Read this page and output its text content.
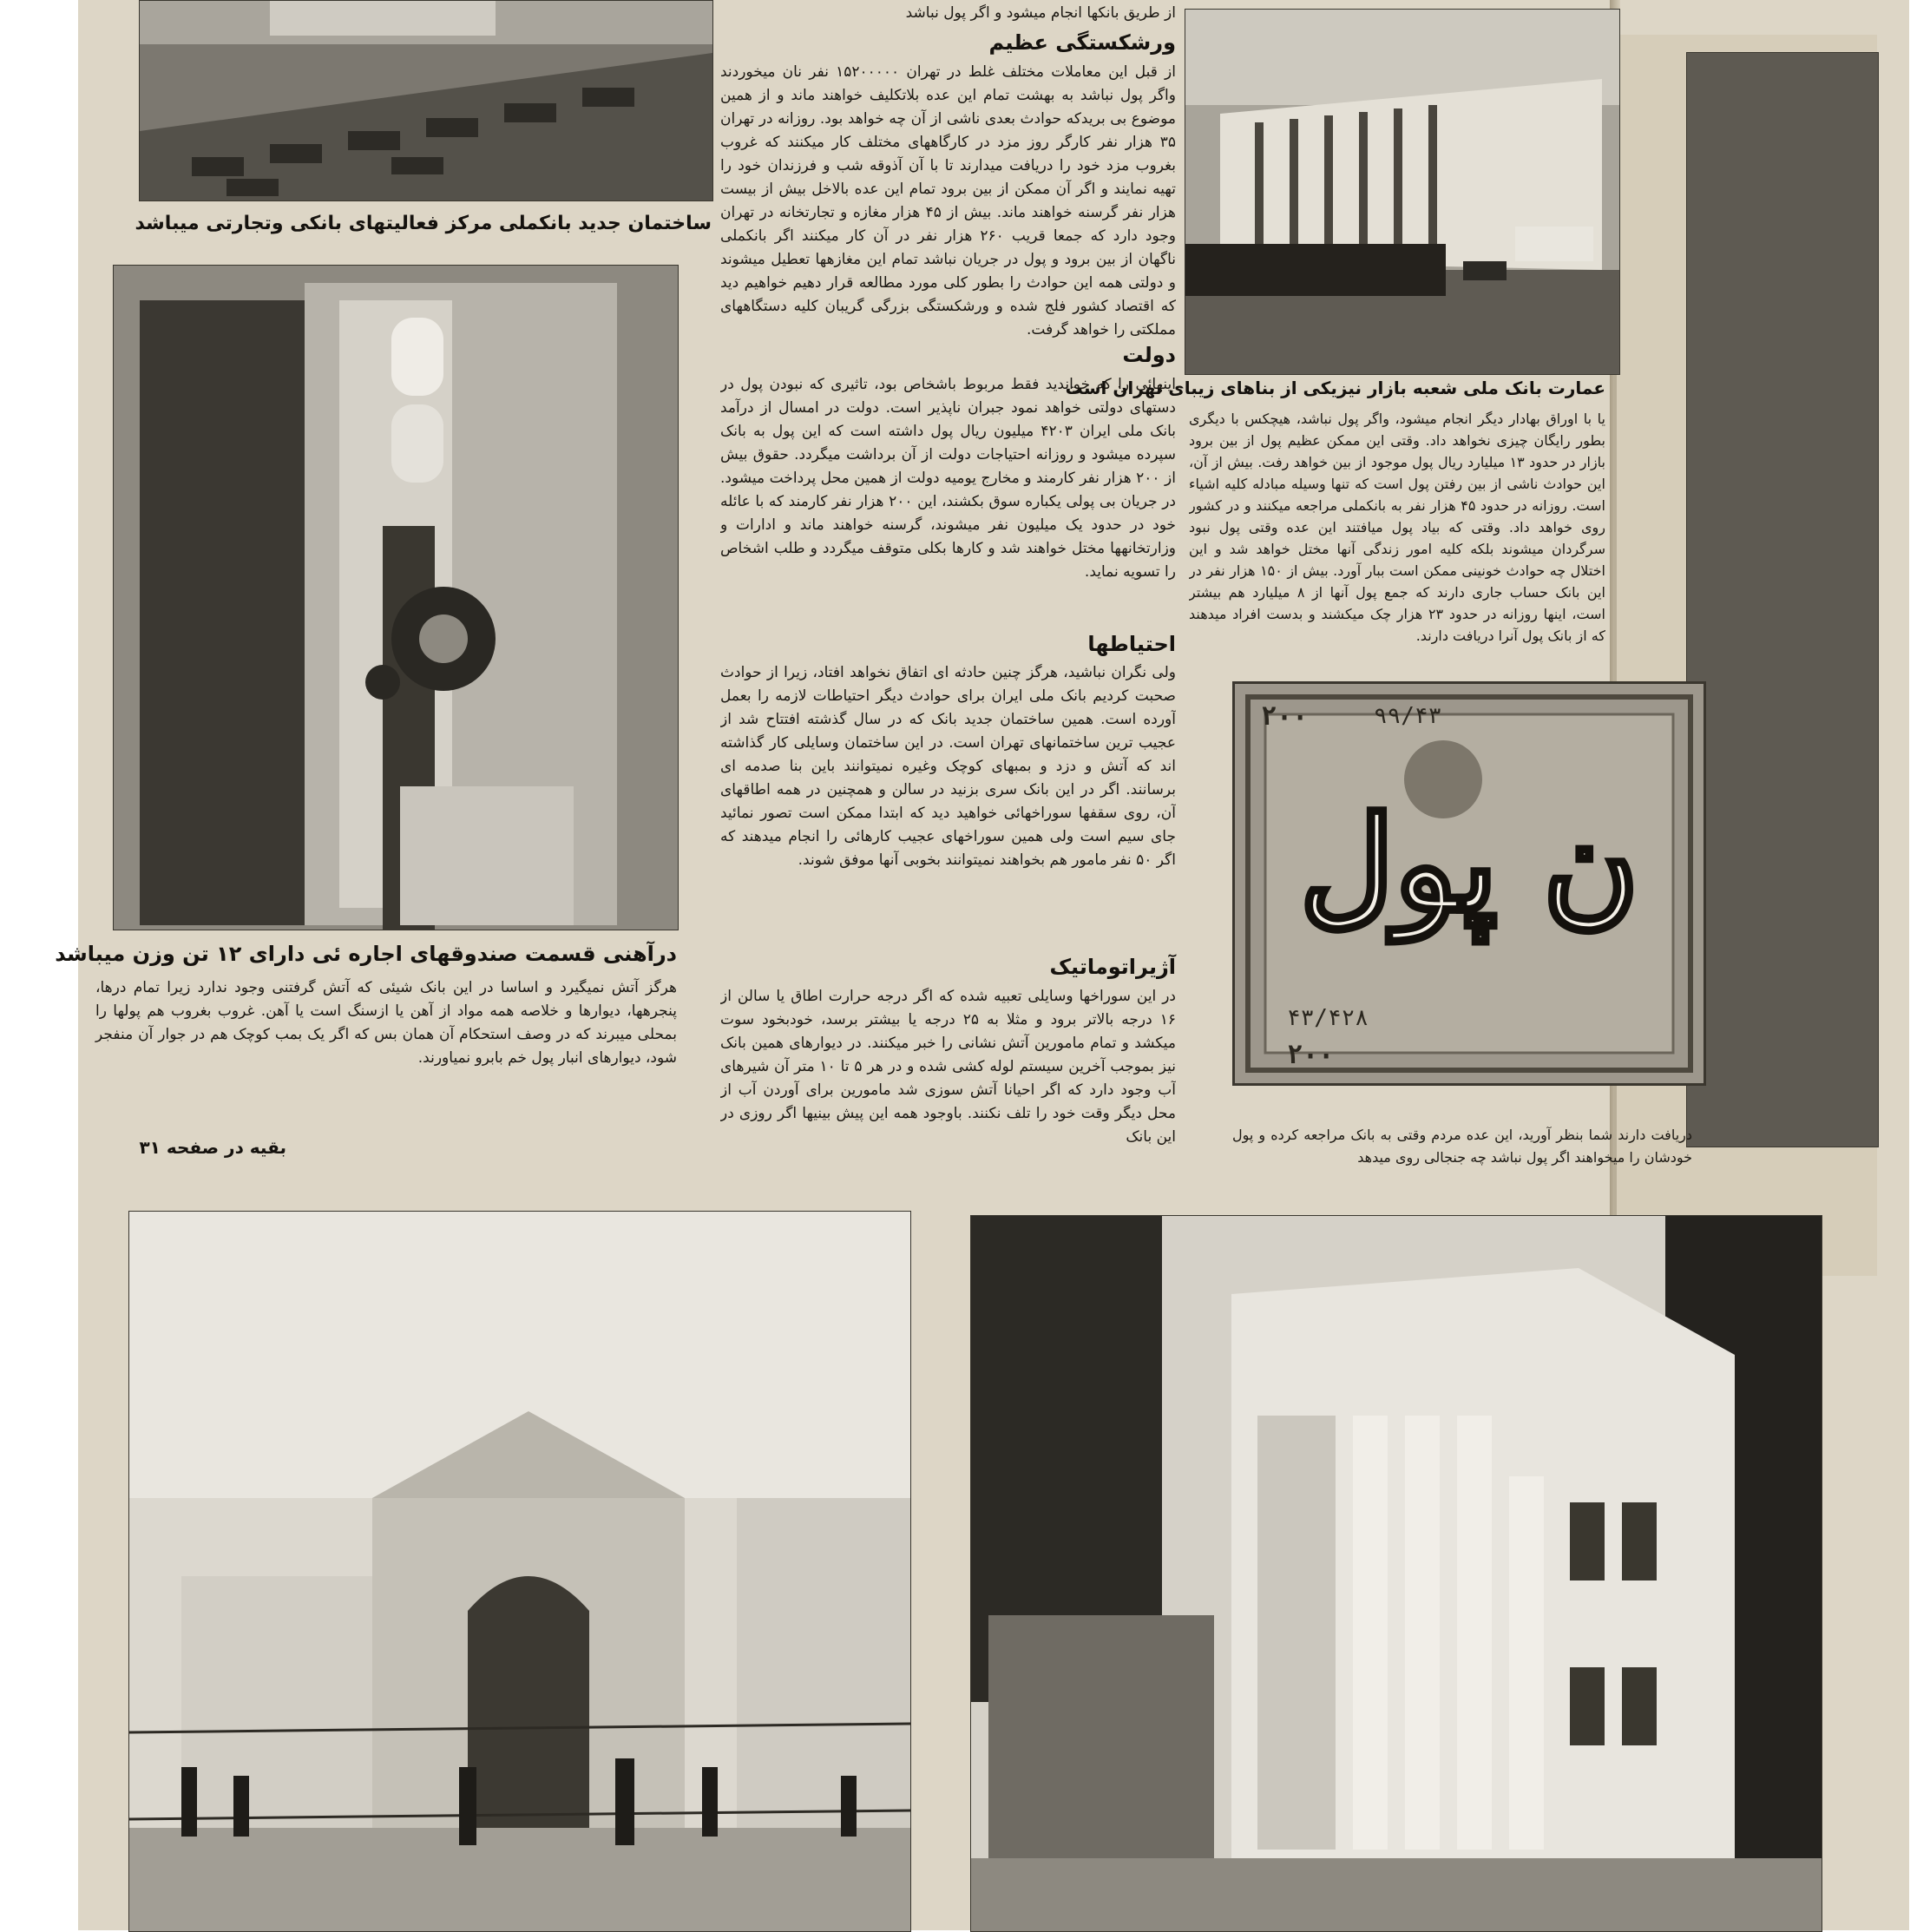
ساختمان جدید بانکملی مرکز فعالیتهای بانکی وتجارتی میباشد
درآهنی قسمت صندوقهای اجاره ئی دارای ۱۲ تن وزن میباشد
هرگز آتش نمیگیرد و اساسا در این بانک شیئی که آتش گرفتنی وجود ندارد زیرا تمام درها، پنجرهها، دیوارها و خلاصه همه مواد از آهن یا ازسنگ است یا آهن. غروب بغروب هم پولها را بمحلی میبرند که در وصف استحکام آن همان بس که اگر یک بمب کوچک هم در جوار آن منفجر شود، دیوارهای انبار پول خم بابرو نمیاورند.
بقیه در صفحه ۳۱
از طریق بانکها انجام میشود و اگر پول نباشد
ورشکستگی عظیم
از قبل این معاملات مختلف غلط در تهران ۱۵۲۰۰۰۰۰ نفر نان میخوردند واگر پول نباشد به بهشت تمام این عده بلاتکلیف خواهند ماند و از همین موضوع بی بریدکه حوادث بعدی ناشی از آن چه خواهد بود. روزانه در تهران ۳۵ هزار نفر کارگر روز مزد در کارگاههای مختلف کار میکنند که غروب بغروب مزد خود را دریافت میدارند تا با آن آذوقه شب و فرزندان خود را تهیه نمایند و اگر آن ممکن از بین برود تمام این عده بالاخل بیش از بیست هزار نفر گرسنه خواهند ماند. بیش از ۴۵ هزار مغازه و تجارتخانه در تهران وجود دارد که جمعا قریب ۲۶۰ هزار نفر در آن کار میکنند اگر بانکملی ناگهان از بین برود و پول در جریان نباشد تمام این مغازهها تعطیل میشوند و دولتی همه این حوادث را بطور کلی مورد مطالعه قرار دهیم خواهیم دید که اقتصاد کشور فلج شده و ورشکستگی بزرگی گریبان کلیه دستگاههای مملکتی را خواهد گرفت.
دولت
اینهائی را که خواندید فقط مربوط باشخاص بود، تاثیری که نبودن پول در دستهای دولتی خواهد نمود جبران ناپذیر است. دولت در امسال از درآمد بانک ملی ایران ۴۲۰۳ میلیون ریال پول داشته است که این پول به بانک سپرده میشود و روزانه احتیاجات دولت از آن برداشت میگردد. حقوق بیش از ۲۰۰ هزار نفر کارمند و مخارج یومیه دولت از همین محل پرداخت میشود. در جریان بی پولی یکباره سوق بکشند، این ۲۰۰ هزار نفر کارمند که با عائله خود در حدود یک میلیون نفر میشوند، گرسنه خواهند ماند و ادارات و وزارتخانهها مختل خواهند شد و کارها بکلی متوقف میگردد و طلب اشخاص را تسویه نماید.
احتیاطها
ولی نگران نباشید، هرگز چنین حادثه ای اتفاق نخواهد افتاد، زیرا از حوادث صحبت کردیم بانک ملی ایران برای حوادث دیگر احتیاطات لازمه را بعمل آورده است. همین ساختمان جدید بانک که در سال گذشته افتتاح شد از عجیب ترین ساختمانهای تهران است. در این ساختمان وسایلی کار گذاشته اند که آتش و دزد و بمبهای کوچک وغیره نمیتوانند باین بنا صدمه ای برسانند. اگر در این بانک سری بزنید در سالن و همچنین در همه اطاقهای آن، روی سقفها سوراخهائی خواهید دید که ابتدا ممکن است تصور نمائید جای سیم است ولی همین سوراخهای عجیب کارهائی را انجام میدهند که اگر ۵۰ نفر مامور هم بخواهند نمیتوانند بخوبی آنها موفق شوند.
آژیراتوماتیک
در این سوراخها وسایلی تعبیه شده که اگر درجه حرارت اطاق یا سالن از ۱۶ درجه بالاتر برود و مثلا به ۲۵ درجه یا بیشتر برسد، خودبخود سوت میکشد و تمام مامورین آتش نشانی را خبر میکنند. در دیوارهای همین بانک نیز بموجب آخرین سیستم لوله کشی شده و در هر ۵ تا ۱۰ متر آن شیرهای آب وجود دارد که اگر احیانا آتش سوزی شد مامورین برای آوردن آب از محل دیگر وقت خود را تلف نکنند. باوجود همه این پیش بینیها اگر روزی در این بانک
عمارت بانک ملی شعبه بازار نیزیکی از بناهای زیبای تهران است
یا با اوراق بهادار دیگر انجام میشود، واگر پول نباشد، هیچکس با دیگری بطور رایگان چیزی نخواهد داد. وقتی این ممکن عظیم پول از بین برود بازار در حدود ۱۳ میلیارد ریال پول موجود از بین خواهد رفت. بیش از آن، این حوادث ناشی از بین رفتن پول است که تنها وسیله مبادله کلیه اشیاء است. روزانه در حدود ۴۵ هزار نفر به بانکملی مراجعه میکنند و در کشور روی خواهد داد. وقتی که بیاد پول میافتند این عده وقتی پول نبود سرگردان میشوند بلکه کلیه امور زندگی آنها مختل خواهد شد و این اختلال چه حوادث خونینی ممکن است ببار آورد. بیش از ۱۵۰ هزار نفر در این بانک حساب جاری دارند که جمع پول آنها از ۸ میلیارد هم بیشتر است، اینها روزانه در حدود ۲۳ هزار چک میکشند و بدست افراد میدهند که از بانک پول آنرا دریافت دارند.
۲۰۰	۹۹/۴۳
ن پول
۴۳/۴۲۸
۲۰۰
دریافت دارند شما بنظر آورید، این عده مردم وقتی به بانک مراجعه کرده و پول خودشان را میخواهند اگر پول نباشد چه جنجالی روی میدهد
